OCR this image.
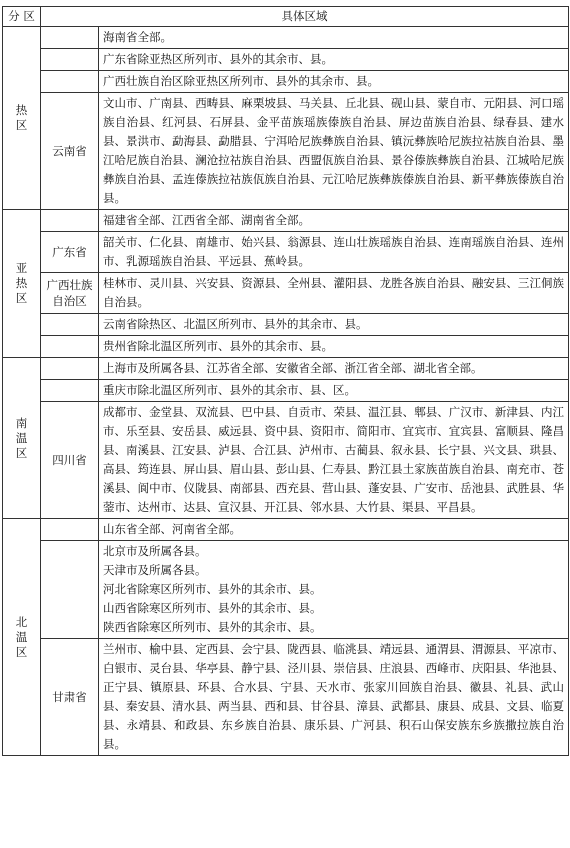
分 区	具体区域	
热区		海南省全部。
		广东省除亚热区所列市、县外的其余市、县。
		广西壮族自治区除亚热区所列市、县外的其余市、县。
	云南省	文山市、广南县、西畴县、麻栗坡县、马关县、丘北县、砚山县、蒙自市、元阳县、河口瑶族自治县、红河县、石屏县、金平苗族瑶族傣族自治县、屏边苗族自治县、绿春县、建水县、景洪市、勐海县、勐腊县、宁洱哈尼族彝族自治县、镇沅彝族哈尼族拉祜族自治县、墨江哈尼族自治县、澜沧拉祜族自治县、西盟佤族自治县、景谷傣族彝族自治县、江城哈尼族彝族自治县、孟连傣族拉祜族佤族自治县、元江哈尼族彝族傣族自治县、新平彝族傣族自治县。
亚热区		福建省全部、江西省全部、湖南省全部。
	广东省	韶关市、仁化县、南雄市、始兴县、翁源县、连山壮族瑶族自治县、连南瑶族自治县、连州市、乳源瑶族自治县、平远县、蕉岭县。
	广西壮族自治区	桂林市、灵川县、兴安县、资源县、全州县、灌阳县、龙胜各族自治县、融安县、三江侗族自治县。
		云南省除热区、北温区所列市、县外的其余市、县。
		贵州省除北温区所列市、县外的其余市、县。
南温区		上海市及所属各县、江苏省全部、安徽省全部、浙江省全部、湖北省全部。
		重庆市除北温区所列市、县外的其余市、县、区。
	四川省	成都市、金堂县、双流县、巴中县、自贡市、荣县、温江县、郫县、广汉市、新津县、内江市、乐至县、安岳县、威远县、资中县、资阳市、简阳市、宜宾市、宜宾县、富顺县、隆昌县、南溪县、江安县、泸县、合江县、泸州市、古蔺县、叙永县、长宁县、兴文县、珙县、高县、筠连县、屏山县、眉山县、彭山县、仁寿县、黔江县土家族苗族自治县、南充市、苍溪县、阆中市、仪陇县、南部县、西充县、营山县、蓬安县、广安市、岳池县、武胜县、华蓥市、达州市、达县、宣汉县、开江县、邻水县、大竹县、渠县、平昌县。
北温区		山东省全部、河南省全部。

		北京市及所属各县。
天津市及所属各县。
河北省除寒区所列市、县外的其余市、县。
山西省除寒区所列市、县外的其余市、县。
陕西省除寒区所列市、县外的其余市、县。

	甘肃省	兰州市、榆中县、定西县、会宁县、陇西县、临洮县、靖远县、通渭县、渭源县、平凉市、白银市、灵台县、华亭县、静宁县、泾川县、崇信县、庄浪县、西峰市、庆阳县、华池县、正宁县、镇原县、环县、合水县、宁县、天水市、张家川回族自治县、徽县、礼县、武山县、秦安县、清水县、两当县、西和县、甘谷县、漳县、武都县、康县、成县、文县、临夏县、永靖县、和政县、东乡族自治县、康乐县、广河县、积石山保安族东乡族撒拉族自治县。
